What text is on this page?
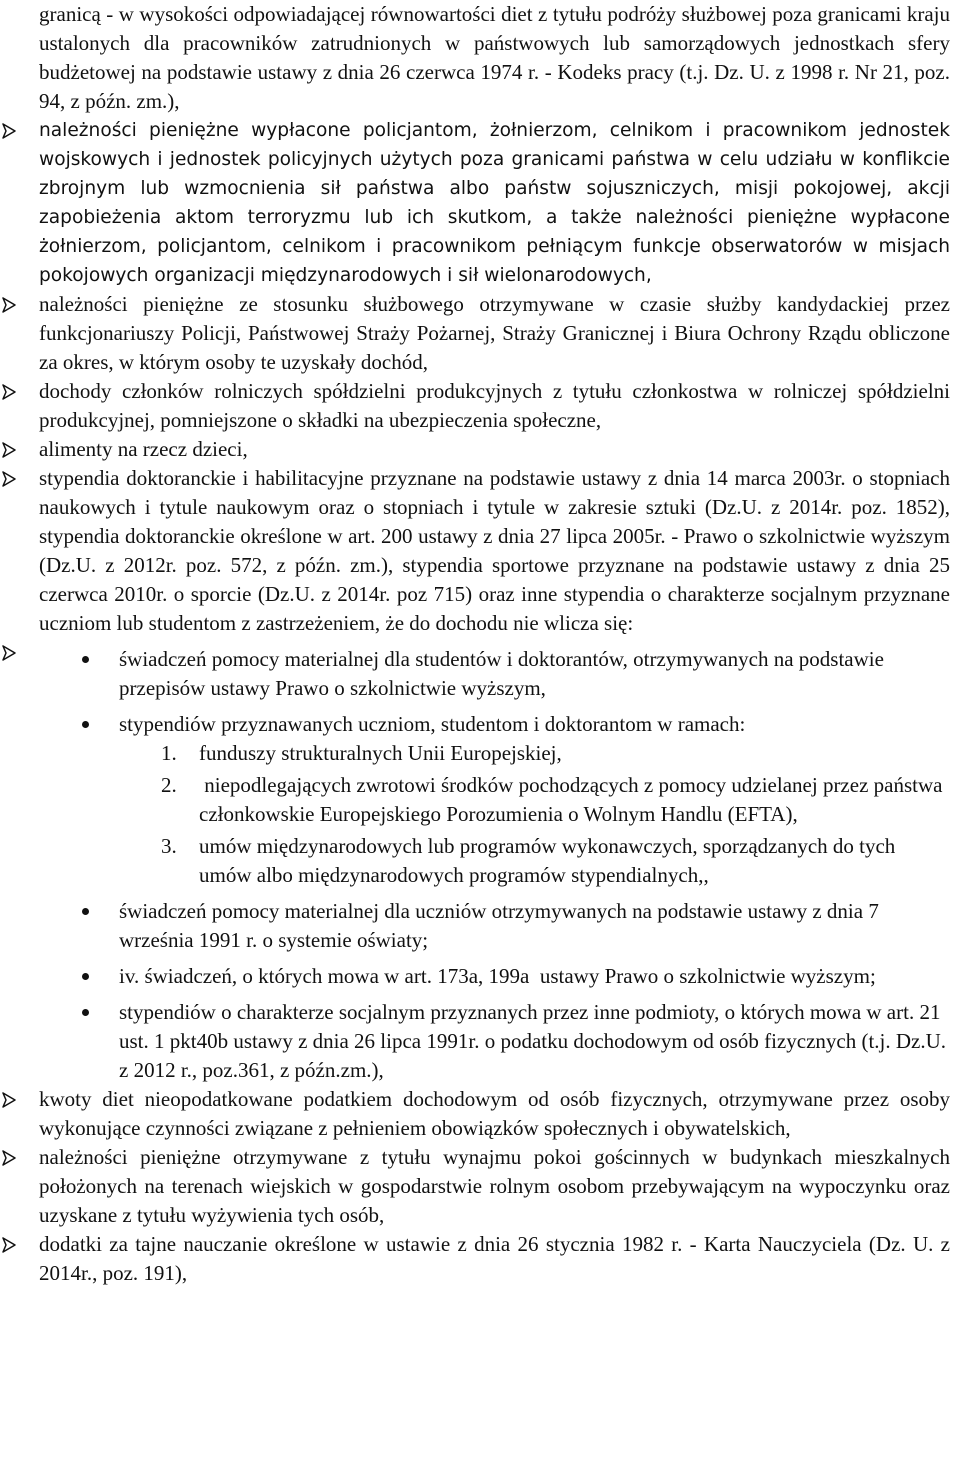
granicą - w wysokości odpowiadającej równowartości diet z tytułu podróży służbowej poza granicami kraju ustalonych dla pracowników zatrudnionych w państwowych lub samorządowych jednostkach sfery budżetowej na podstawie ustawy z dnia 26 czerwca 1974 r. - Kodeks pracy (t.j. Dz. U. z 1998 r. Nr 21, poz. 94, z późn. zm.),

należności pieniężne wypłacone policjantom, żołnierzom, celnikom i pracownikom jednostek wojskowych i jednostek policyjnych użytych poza granicami państwa w celu udziału w konflikcie zbrojnym lub wzmocnienia sił państwa albo państw sojuszniczych, misji pokojowej, akcji zapobieżenia aktom terroryzmu lub ich skutkom, a także należności pieniężne wypłacone żołnierzom, policjantom, celnikom i pracownikom pełniącym funkcje obserwatorów w misjach pokojowych organizacji międzynarodowych i sił wielonarodowych,

należności pieniężne ze stosunku służbowego otrzymywane w czasie służby kandydackiej przez funkcjonariuszy Policji, Państwowej Straży Pożarnej, Straży Granicznej i Biura Ochrony Rządu obliczone za okres, w którym osoby te uzyskały dochód,

dochody członków rolniczych spółdzielni produkcyjnych z tytułu członkostwa w rolniczej spółdzielni produkcyjnej, pomniejszone o składki na ubezpieczenia społeczne,

alimenty na rzecz dzieci,

stypendia doktoranckie i habilitacyjne przyznane na podstawie ustawy z dnia 14 marca 2003r. o stopniach naukowych i tytule naukowym oraz o stopniach i tytule w zakresie sztuki (Dz.U. z 2014r. poz. 1852), stypendia doktoranckie określone w art. 200 ustawy z dnia 27 lipca 2005r. - Prawo o szkolnictwie wyższym (Dz.U. z 2012r. poz. 572, z późn. zm.), stypendia sportowe przyznane na podstawie ustawy z dnia 25 czerwca 2010r. o sporcie (Dz.U. z 2014r. poz 715) oraz inne stypendia o charakterze socjalnym przyznane uczniom lub studentom z zastrzeżeniem, że do dochodu nie wlicza się:

świadczeń pomocy materialnej dla studentów i doktorantów, otrzymywanych na podstawie przepisów ustawy Prawo o szkolnictwie wyższym,

stypendiów przyznawanych uczniom, studentom i doktorantom w ramach:

1. funduszy strukturalnych Unii Europejskiej,

2. niepodlegających zwrotowi środków pochodzących z pomocy udzielanej przez państwa członkowskie Europejskiego Porozumienia o Wolnym Handlu (EFTA),

3. umów międzynarodowych lub programów wykonawczych, sporządzanych do tych umów albo międzynarodowych programów stypendialnych,,

świadczeń pomocy materialnej dla uczniów otrzymywanych na podstawie ustawy z dnia 7 września 1991 r. o systemie oświaty;

iv. świadczeń, o których mowa w art. 173a, 199a  ustawy Prawo o szkolnictwie wyższym;

stypendiów o charakterze socjalnym przyznanych przez inne podmioty, o których mowa w art. 21 ust. 1 pkt40b ustawy z dnia 26 lipca 1991r. o podatku dochodowym od osób fizycznych (t.j. Dz.U. z 2012 r., poz.361, z późn.zm.),

kwoty diet nieopodatkowane podatkiem dochodowym od osób fizycznych, otrzymywane przez osoby wykonujące czynności związane z pełnieniem obowiązków społecznych i obywatelskich,

należności pieniężne otrzymywane z tytułu wynajmu pokoi gościnnych w budynkach mieszkalnych położonych na terenach wiejskich w gospodarstwie rolnym osobom przebywającym na wypoczynku oraz uzyskane z tytułu wyżywienia tych osób,

dodatki za tajne nauczanie określone w ustawie z dnia 26 stycznia 1982 r. - Karta Nauczyciela (Dz. U. z 2014r., poz. 191),
